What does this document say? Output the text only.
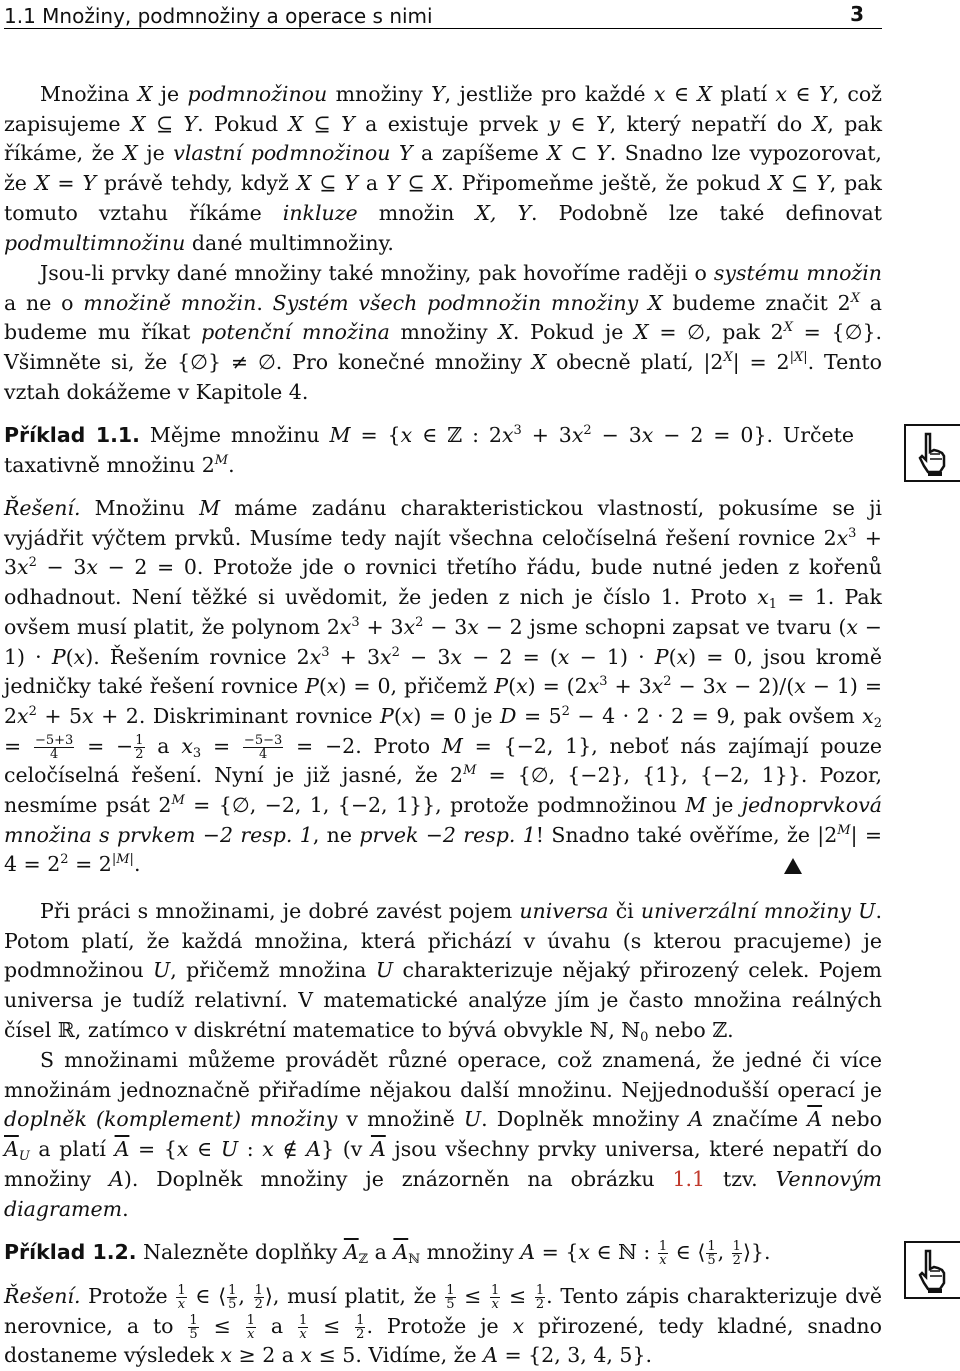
1.1 Množiny, podmnožiny a operace s nimi	3

Množina X je podmnožinou množiny Y, jestliže pro každé x ∈ X platí x ∈ Y, což zapisujeme X ⊆ Y. Pokud X ⊆ Y a existuje prvek y ∈ Y, který nepatří do X, pak říkáme, že X je vlastní podmnožinou Y a zapíšeme X ⊂ Y. Snadno lze vypozorovat, že X = Y právě tehdy, když X ⊆ Y a Y ⊆ X. Připomeňme ještě, že pokud X ⊆ Y, pak tomuto vztahu říkáme inkluze množin X, Y. Podobně lze také definovat podmultimnožinu dané multimnožiny.

Jsou-li prvky dané množiny také množiny, pak hovoříme raději o systému množin a ne o množině množin. Systém všech podmnožin množiny X budeme značit $2^X$ a budeme mu říkat potenční množina množiny X. Pokud je X = ∅, pak $2^X$ = {∅}. Všimněte si, že {∅} ≠ ∅. Pro konečné množiny X obecně platí, $|2^X| = 2^{|X|}$. Tento vztah dokážeme v Kapitole 4.

Příklad 1.1. Mějme množinu M = {x ∈ ℤ : $2x^3 + 3x^2 - 3x - 2 = 0$}. Určete taxativně množinu $2^M$.

Řešení. Množinu M máme zadánu charakteristickou vlastností, pokusíme se ji vyjádřit výčtem prvků. Musíme tedy najít všechna celočíselná řešení rovnice $2x^3 + 3x^2 - 3x - 2 = 0$. Protože jde o rovnici třetího řádu, bude nutné jeden z kořenů odhadnout. Není těžké si uvědomit, že jeden z nich je číslo 1. Proto $x_1 = 1$. Pak ovšem musí platit, že polynom $2x^3 + 3x^2 - 3x - 2$ jsme schopni zapsat ve tvaru (x − 1) · P(x). Řešením rovnice $2x^3 + 3x^2 - 3x - 2 = (x - 1) \cdot P(x) = 0$, jsou kromě jedničky také řešení rovnice P(x) = 0, přičemž $P(x) = (2x^3 + 3x^2 - 3x - 2)/(x - 1) = 2x^2 + 5x + 2$. Diskriminant rovnice P(x) = 0 je $D = 5^2 - 4 \cdot 2 \cdot 2 = 9$, pak ovšem $x_2 = \frac{-5+3}{4}$ = − $\frac{1}{2}$ a $x_3 = \frac{-5-3}{4} = -2$. Proto M = {−2, 1}, neboť nás zajímají pouze celočíselná řešení. Nyní je již jasné, že $2^M$ = {∅, {−2}, {1}, {−2, 1}}. Pozor, nesmíme psát $2^M$ = {∅, −2, 1, {−2, 1}}, protože podmnožinou M je jednoprvková množina s prvkem −2 resp. 1, ne prvek −2 resp. 1! Snadno také ověříme, že $|2^M| = 4 = 2^2 = 2^{|M|}$.

Při práci s množinami, je dobré zavést pojem universa či univerzální množiny U. Potom platí, že každá množina, která přichází v úvahu (s kterou pracujeme) je podmnožinou U, přičemž množina U charakterizuje nějaký přirozený celek. Pojem universa je tudíž relativní. V matematické analýze jím je často množina reálných čísel ℝ, zatímco v diskrétní matematice to bývá obvykle ℕ, ℕ$_0$ nebo ℤ.

S množinami můžeme provádět různé operace, což znamená, že jedné či více množinám jednoznačně přiřadíme nějakou další množinu. Nejjednodušší operací je doplněk (komplement) množiny v množině U. Doplněk množiny A značíme $\overline{A}$ nebo $\overline{A}_U$ a platí $\overline{A} = \{x$ ∈ U : x ∉ A} (v $\overline{A}$ jsou všechny prvky universa, které nepatří do množiny A). Doplněk množiny je znázorněn na obrázku 1.1 tzv. Vennovým diagramem.

Příklad 1.2. Nalezněte doplňky $\overline{A}_ℤ$ a $\overline{A}_ℕ$ množiny A = {x ∈ ℕ : $\frac{1}{x}$ ∈ ⟨ $\frac{1}{5}$ , $\frac{1}{2}$ ⟩}.

Řešení. Protože $\frac{1}{x}$ ∈ ⟨ $\frac{1}{5}$ , $\frac{1}{2}$ ⟩, musí platit, že $\frac{1}{5} \le \frac{1}{x} \le \frac{1}{2}$ . Tento zápis charakterizuje dvě nerovnice, a to $\frac{1}{5} \le \frac{1}{x}$ a $\frac{1}{x} \le \frac{1}{2}$ . Protože je x přirozené, tedy kladné, snadno dostaneme výsledek x ≥ 2 a x ≤ 5. Vidíme, že A = {2, 3, 4, 5}.
